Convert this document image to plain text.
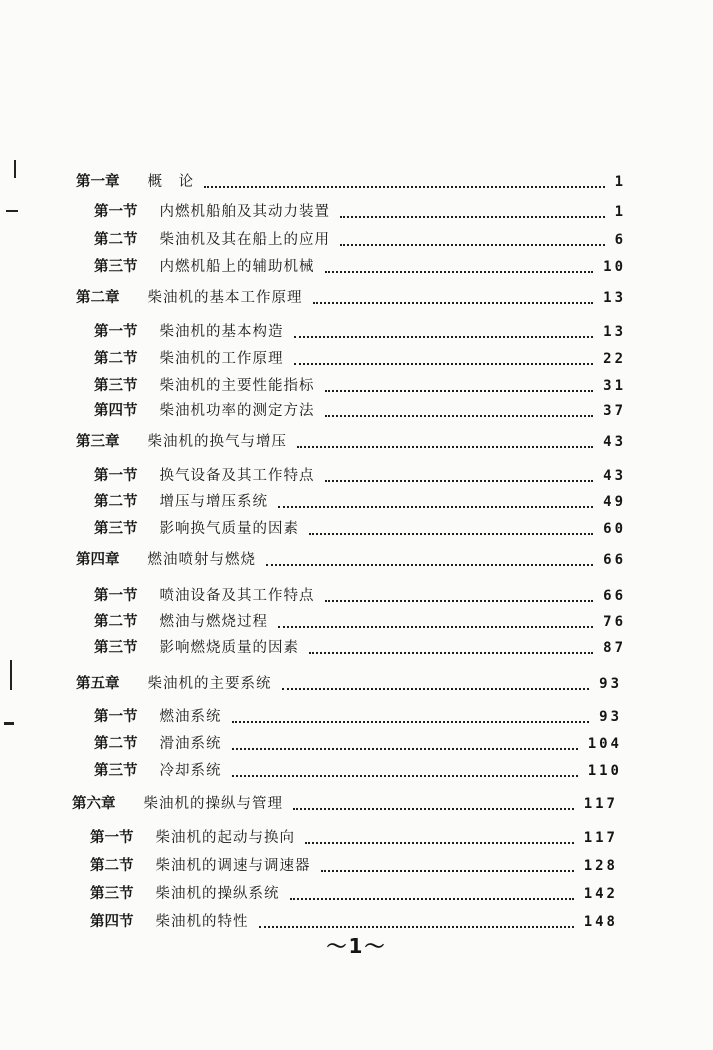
第一章 概　论	1
第一节 内燃机船舶及其动力装置	1
第二节 柴油机及其在船上的应用	6
第三节 内燃机船上的辅助机械	10
第二章 柴油机的基本工作原理	13
第一节 柴油机的基本构造	13
第二节 柴油机的工作原理	22
第三节 柴油机的主要性能指标	31
第四节 柴油机功率的测定方法	37
第三章 柴油机的换气与增压	43
第一节 换气设备及其工作特点	43
第二节 增压与增压系统	49
第三节 影响换气质量的因素	60
第四章 燃油喷射与燃烧	66
第一节 喷油设备及其工作特点	66
第二节 燃油与燃烧过程	76
第三节 影响燃烧质量的因素	87
第五章 柴油机的主要系统	93
第一节 燃油系统	93
第二节 滑油系统	104
第三节 冷却系统	110
第六章 柴油机的操纵与管理	117
第一节 柴油机的起动与换向	117
第二节 柴油机的调速与调速器	128
第三节 柴油机的操纵系统	142
第四节 柴油机的特性	148
～1～
